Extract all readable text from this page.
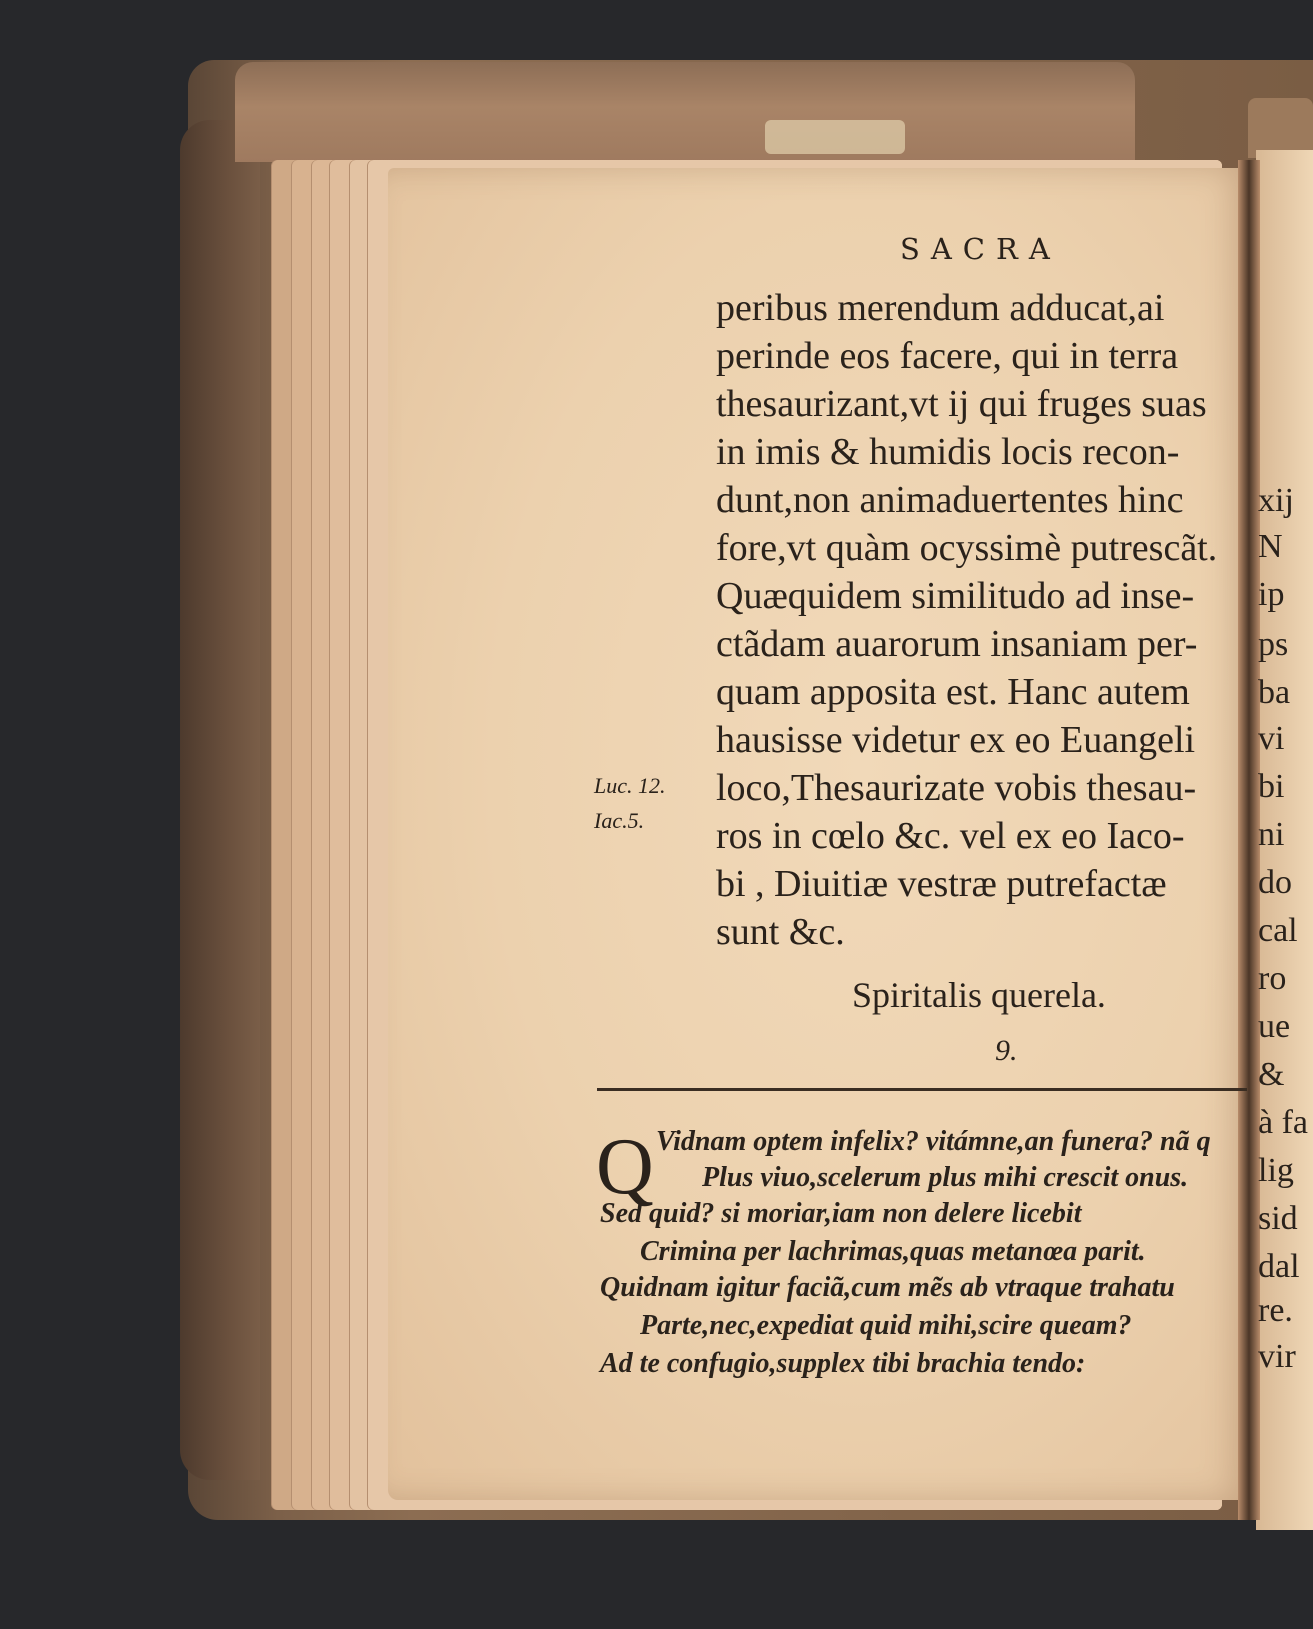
SACRA
peribus merendum adducat,ai
perinde eos facere, qui in terra
thesaurizant,vt ij qui fruges suas
in imis & humidis locis recon-
dunt,non animaduertentes hinc
fore,vt quàm ocyssimè putrescãt.
Quæquidem similitudo ad inse-
ctãdam auarorum insaniam per-
quam apposita est. Hanc autem
hausisse videtur ex eo Euangeli
loco,Thesaurizate vobis thesau-
ros in cœlo &c. vel ex eo Iaco-
bi , Diuitiæ vestræ putrefactæ
sunt &c.
Luc. 12.
Iac.5.
Spiritalis querela.
9.
Q Vidnam optem infelix? vitámne,an funera? nã q
Plus viuo,scelerum plus mihi crescit onus.
Sed quid? si moriar,iam non delere licebit
Crimina per lachrimas,quas metanœa parit.
Quidnam igitur faciã,cum mẽs ab vtraque trahatu
Parte,nec,expediat quid mihi,scire queam?
Ad te confugio,supplex tibi brachia tendo:
xij
N
ip
ps
ba
vi
bi
ni
do
cal
ro
ue
&
à fa
lig
sid
dal
re.
vir
